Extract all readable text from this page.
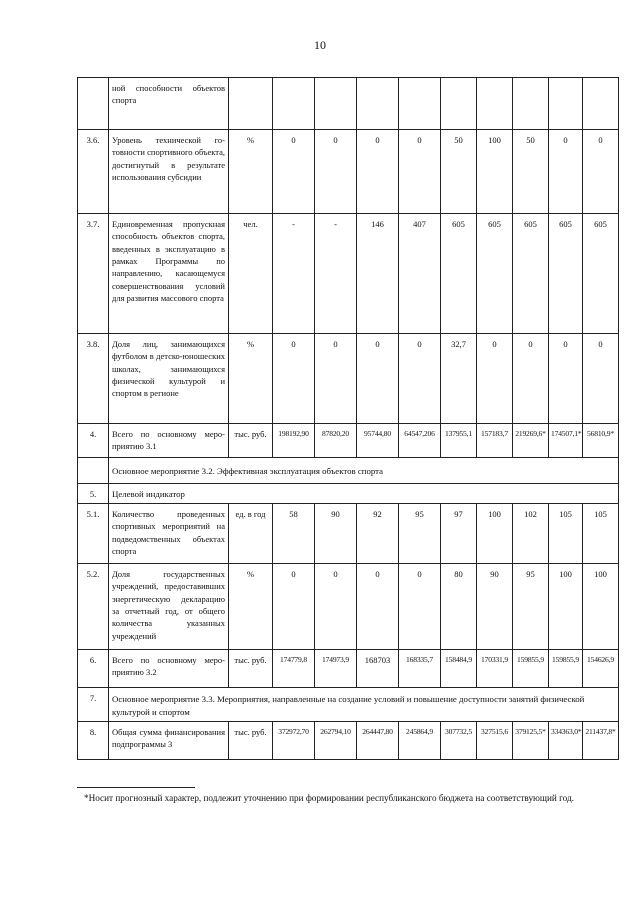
10
	ной способности объектов спорта										
3.6.	Уровень технической готовности спортивного объекта, достигнутый в результате использования субсидии	%	0	0	0	0	50	100	50	0	0
3.7.	Единовременная пропускная способность объектов спорта, введенных в эксплуатацию в рамках Программы по направлению, касающемуся совершенствования условий для развития массового спорта	чел.	-	-	146	407	605	605	605	605	605
3.8.	Доля лиц, занимающихся футболом в детско-юношеских школах, занимающихся физической культурой и спортом в регионе	%	0	0	0	0	32,7	0	0	0	0
4.	Всего по основному мероприятию 3.1	тыс. руб.	198192,90	87820,20	95744,80	64547,206	137955,1	157183,7	219269,6*	174507,1*	56810,9*
	Основное мероприятие 3.2. Эффективная эксплуатация объектов спорта										
5.	Целевой индикатор										
5.1.	Количество проведенных спортивных мероприятий на подведомственных объектах спорта	ед. в год	58	90	92	95	97	100	102	105	105
5.2.	Доля государственных учреждений, предоставивших энергетическую декларацию за отчетный год, от общего количества указанных учреждений	%	0	0	0	0	80	90	95	100	100
6.	Всего по основному мероприятию 3.2	тыс. руб.	174779,8	174973,9	168703	168335,7	158484,9	170331,9	159855,9	159855,9	154626,9
7.	Основное мероприятие 3.3. Мероприятия, направленные на создание условий и повышение доступности занятий физической культурой и спортом										
8.	Общая сумма финансирования подпрограммы 3	тыс. руб.	372972,70	262794,10	264447,80	245864,9	307732,5	327515,6	379125,5*	334363,0*	211437,8*
*Носит прогнозный характер, подлежит уточнению при формировании республиканского бюджета на соответствующий год.
